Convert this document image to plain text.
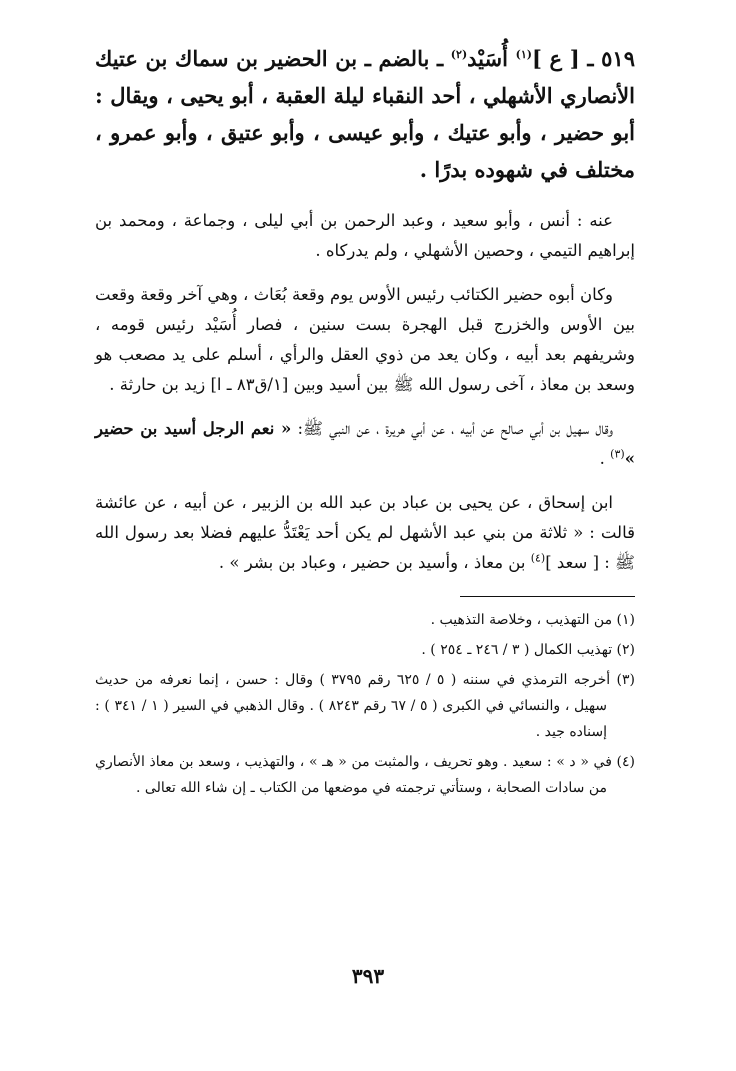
٥١٩ ـ [ ع ]$^{(١)}$ أُسَيْد$^{(٢)}$ ـ بالضم ـ بن الحضير بن سماك بن عتيك الأنصاري الأشهلي ، أحد النقباء ليلة العقبة ، أبو يحيى ، ويقال : أبو حضير ، وأبو عتيك ، وأبو عيسى ، وأبو عتيق ، وأبو عمرو ، مختلف في شهوده بدرًا .

عنه : أنس ، وأبو سعيد ، وعبد الرحمن بن أبي ليلى ، وجماعة ، ومحمد بن إبراهيم التيمي ، وحصين الأشهلي ، ولم يدركاه .

وكان أبوه حضير الكتائب رئيس الأوس يوم وقعة بُعَاث ، وهي آخر وقعة وقعت بين الأوس والخزرج قبل الهجرة بست سنين ، فصار أُسَيْد رئيس قومه ، وشريفهم بعد أبيه ، وكان يعد من ذوي العقل والرأي ، أسلم على يد مصعب هو وسعد بن معاذ ، آخى رسول الله ﷺ بين أسيد وبين [١/ق٨٣ ـ ا] زيد بن حارثة .

وقال سهيل بن أبي صالح عن أبيه ، عن أبي هريرة ، عن النبي ﷺ: « نعم الرجل أسيد بن حضير »$^{(٣)}$ .

ابن إسحاق ، عن يحيى بن عباد بن عبد الله بن الزبير ، عن أبيه ، عن عائشة قالت : « ثلاثة من بني عبد الأشهل لم يكن أحد يَعْتَدُّ عليهم فضلا بعد رسول الله ﷺ : [ سعد ]$^{(٤)}$ بن معاذ ، وأسيد بن حضير ، وعباد بن بشر » .

(١) من التهذيب ، وخلاصة التذهيب .

(٢) تهذيب الكمال ( ٣ / ٢٤٦ ـ ٢٥٤ ) .

(٣) أخرجه الترمذي في سننه ( ٥ / ٦٢٥ رقم ٣٧٩٥ ) وقال : حسن ، إنما نعرفه من حديث سهيل ، والنسائي في الكبرى ( ٥ / ٦٧ رقم ٨٢٤٣ ) . وقال الذهبي في السير ( ١ / ٣٤١ ) : إسناده جيد .

(٤) في « د » : سعيد . وهو تحريف ، والمثبت من « هـ » ، والتهذيب ، وسعد بن معاذ الأنصاري من سادات الصحابة ، وستأتي ترجمته في موضعها من الكتاب ـ إن شاء الله تعالى .

٣٩٣
